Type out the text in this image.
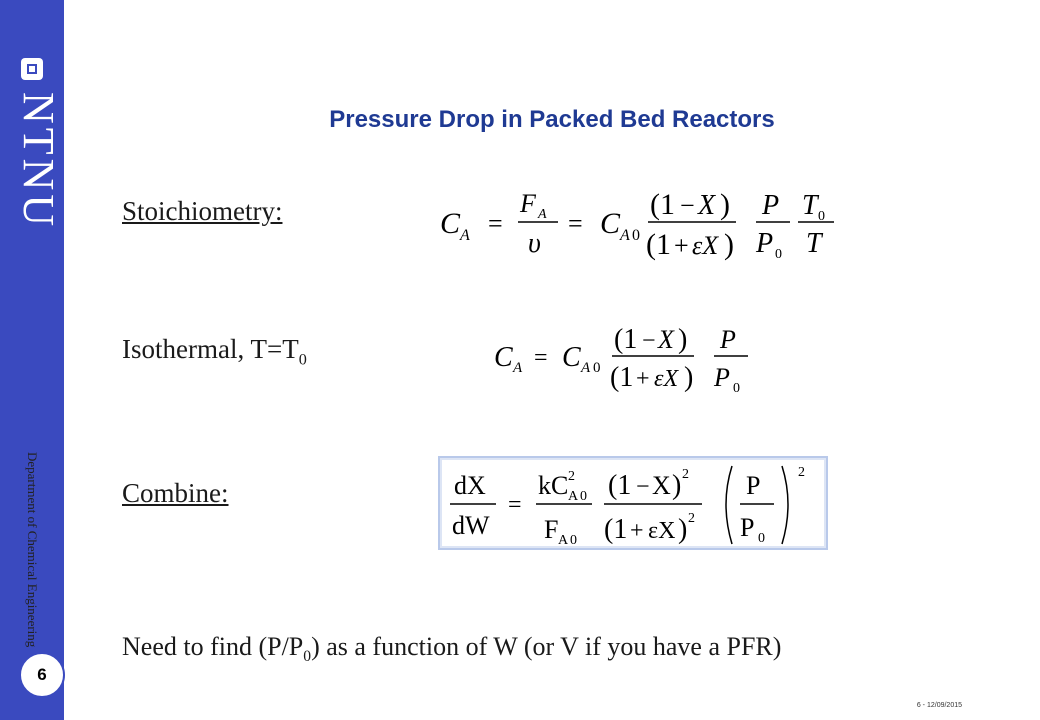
NTNU
Department of Chemical Engineering
6
Pressure Drop in Packed Bed Reactors
Stoichiometry:	C A =
F A
υ
= C A 0
(1 − X )
(1 + εX )
P
P 0
T 0
T
Isothermal, $T=T_0$	C A = C A 0
(1 − X )
(1 + εX )
P
P 0
Combine:	dX
dW
=
kC 2
A 0
F A 0
(1 − X ) 2
(1 + εX ) 2
P
P 0
2
Need to find $(P/P_0)$ as a function of W (or V if you have a PFR)
6 - 12/09/2015
